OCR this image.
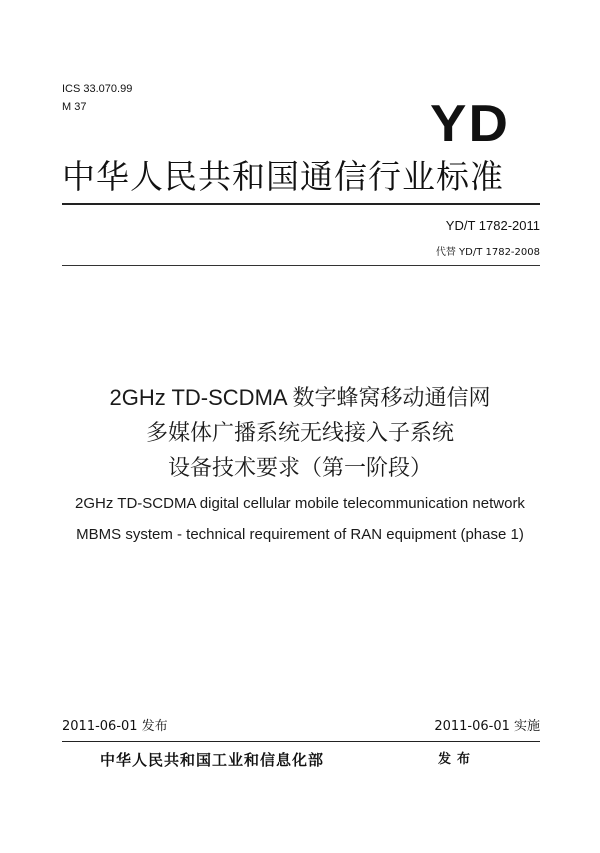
ICS 33.070.99
M 37	YD
中华人民共和国通信行业标准
YD/T 1782-2011
代替 YD/T 1782-2008
2GHz TD-SCDMA 数字蜂窝移动通信网
多媒体广播系统无线接入子系统
设备技术要求（第一阶段）
2GHz TD-SCDMA digital cellular mobile telecommunication network
MBMS system - technical requirement of RAN equipment (phase 1)
2011-06-01 发布	2011-06-01 实施
中华人民共和国工业和信息化部	发布
